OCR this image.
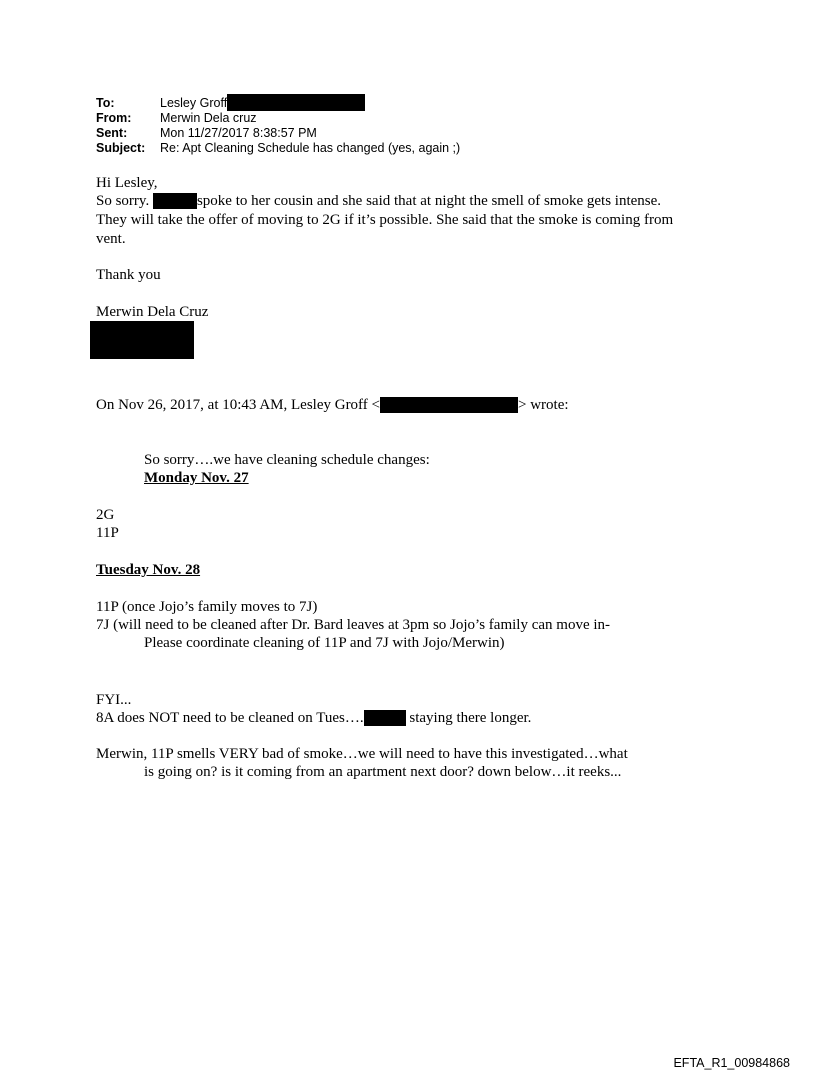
To:	Lesley Groff
From:	Merwin Dela cruz
Sent:	Mon 11/27/2017 8:38:57 PM
Subject:	Re: Apt Cleaning Schedule has changed (yes, again ;)
Hi Lesley,
So sorry.	spoke to her cousin and she said that at night the smell of smoke gets intense.
They will take the offer of moving to 2G if it’s possible. She said that the smoke is coming from
vent.
Thank you
Merwin Dela Cruz
On Nov 26, 2017, at 10:43 AM, Lesley Groff <	> wrote:
So sorry….we have cleaning schedule changes:
Monday Nov. 27
2G
11P
Tuesday Nov. 28
11P (once Jojo’s family moves to 7J)
7J (will need to be cleaned after Dr. Bard leaves at 3pm so Jojo’s family can move in-
Please coordinate cleaning of 11P and 7J with Jojo/Merwin)
FYI...
8A does NOT need to be cleaned on Tues….	staying there longer.
Merwin, 11P smells VERY bad of smoke…we will need to have this investigated…what
is going on? is it coming from an apartment next door? down below…it reeks...
EFTA_R1_00984868
